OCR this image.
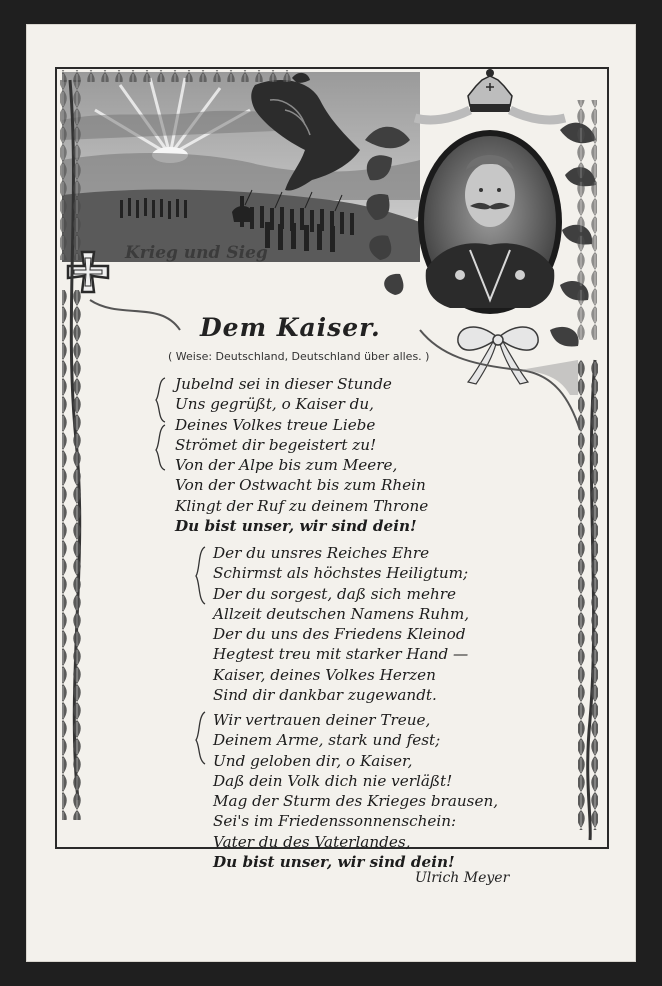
Krieg und Sieg
Dem Kaiser.
( Weise: Deutschland, Deutschland über alles. )
Jubelnd sei in dieser Stunde
Uns gegrüßt, o Kaiser du,
Deines Volkes treue Liebe
Strömet dir begeistert zu!
Von der Alpe bis zum Meere,
Von der Ostwacht bis zum Rhein
Klingt der Ruf zu deinem Throne
Du bist unser, wir sind dein!
Der du unsres Reiches Ehre
Schirmst als höchstes Heiligtum;
Der du sorgest, daß sich mehre
Allzeit deutschen Namens Ruhm,
Der du uns des Friedens Kleinod
Hegtest treu mit starker Hand —
Kaiser, deines Volkes Herzen
Sind dir dankbar zugewandt.
Wir vertrauen deiner Treue,
Deinem Arme, stark und fest;
Und geloben dir, o Kaiser,
Daß dein Volk dich nie verläßt!
Mag der Sturm des Krieges brausen,
Sei's im Friedenssonnenschein:
Vater du des Vaterlandes,
Du bist unser, wir sind dein!
Ulrich Meyer
